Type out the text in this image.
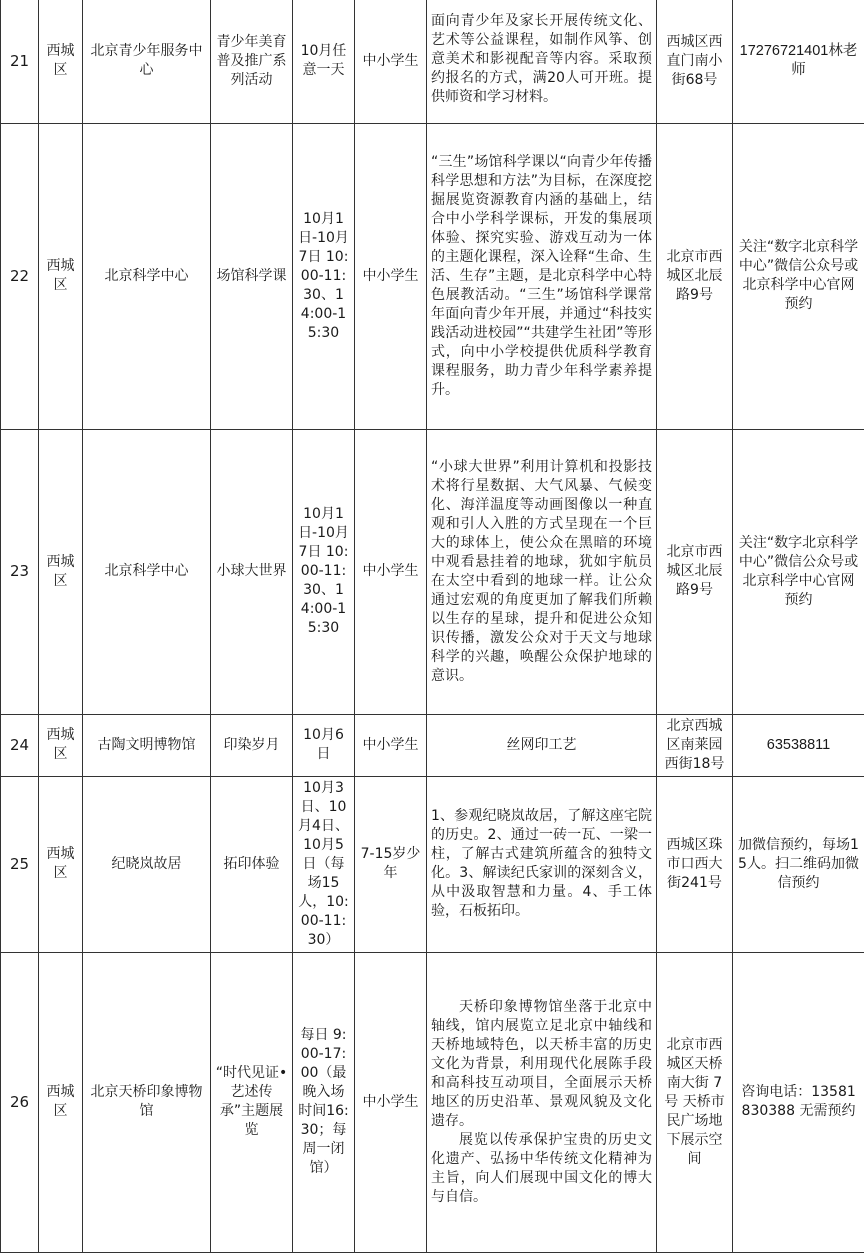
21	西城区	北京青少年服务中心	青少年美育普及推广系列活动	10月任意一天	中小学生	面向青少年及家长开展传统文化、艺术等公益课程，如制作风筝、创意美术和影视配音等内容。采取预约报名的方式，满20人可开班。提供师资和学习材料。	西城区西直门南小街68号	17276721401林老师
22	西城区	北京科学中心	场馆科学课	10月1日-10月7日 10:00-11:30、14:00-15:30	中小学生	“三生”场馆科学课以“向青少年传播科学思想和方法”为目标，在深度挖掘展览资源教育内涵的基础上，结合中小学科学课标，开发的集展项体验、探究实验、游戏互动为一体的主题化课程，深入诠释“生命、生活、生存”主题，是北京科学中心特色展教活动。“三生”场馆科学课常年面向青少年开展，并通过“科技实践活动进校园”“共建学生社团”等形式，向中小学校提供优质科学教育课程服务，助力青少年科学素养提升。	北京市西城区北辰路9号	关注“数字北京科学中心”微信公众号或北京科学中心官网预约
23	西城区	北京科学中心	小球大世界	10月1日-10月7日 10:00-11:30、14:00-15:30	中小学生	“小球大世界”利用计算机和投影技术将行星数据、大气风暴、气候变化、海洋温度等动画图像以一种直观和引人入胜的方式呈现在一个巨大的球体上，使公众在黑暗的环境中观看悬挂着的地球，犹如宇航员在太空中看到的地球一样。让公众通过宏观的角度更加了解我们所赖以生存的星球，提升和促进公众知识传播，激发公众对于天文与地球科学的兴趣，唤醒公众保护地球的意识。	北京市西城区北辰路9号	关注“数字北京科学中心”微信公众号或北京科学中心官网预约
24	西城区	古陶文明博物馆	印染岁月	10月6日	中小学生	丝网印工艺	北京西城区南莱园西街18号	63538811
25	西城区	纪晓岚故居	拓印体验	10月3日、10月4日、10月5日（每场15人，10:00-11:30）	7-15岁少年	1、参观纪晓岚故居，了解这座宅院的历史。2、通过一砖一瓦、一梁一柱，了解古式建筑所蕴含的独特文化。3、解读纪氏家训的深刻含义，从中汲取智慧和力量。4、手工体验，石板拓印。	西城区珠市口西大街241号	加微信预约，每场15人。扫二维码加微信预约
26	西城区	北京天桥印象博物馆	“时代见证•艺述传承”主题展览	每日 9:00-17:00（最晚入场时间16:30；每周一闭馆）	中小学生	天桥印象博物馆坐落于北京中轴线，馆内展览立足北京中轴线和天桥地域特色，以天桥丰富的历史文化为背景，利用现代化展陈手段和高科技互动项目，全面展示天桥地区的历史沿革、景观风貌及文化遗存。

展览以传承保护宝贵的历史文化遗产、弘扬中华传统文化精神为主旨，向人们展现中国文化的博大与自信。	北京市西城区天桥南大街 7号 天桥市民广场地下展示空间	咨询电话：13581830388 无需预约
